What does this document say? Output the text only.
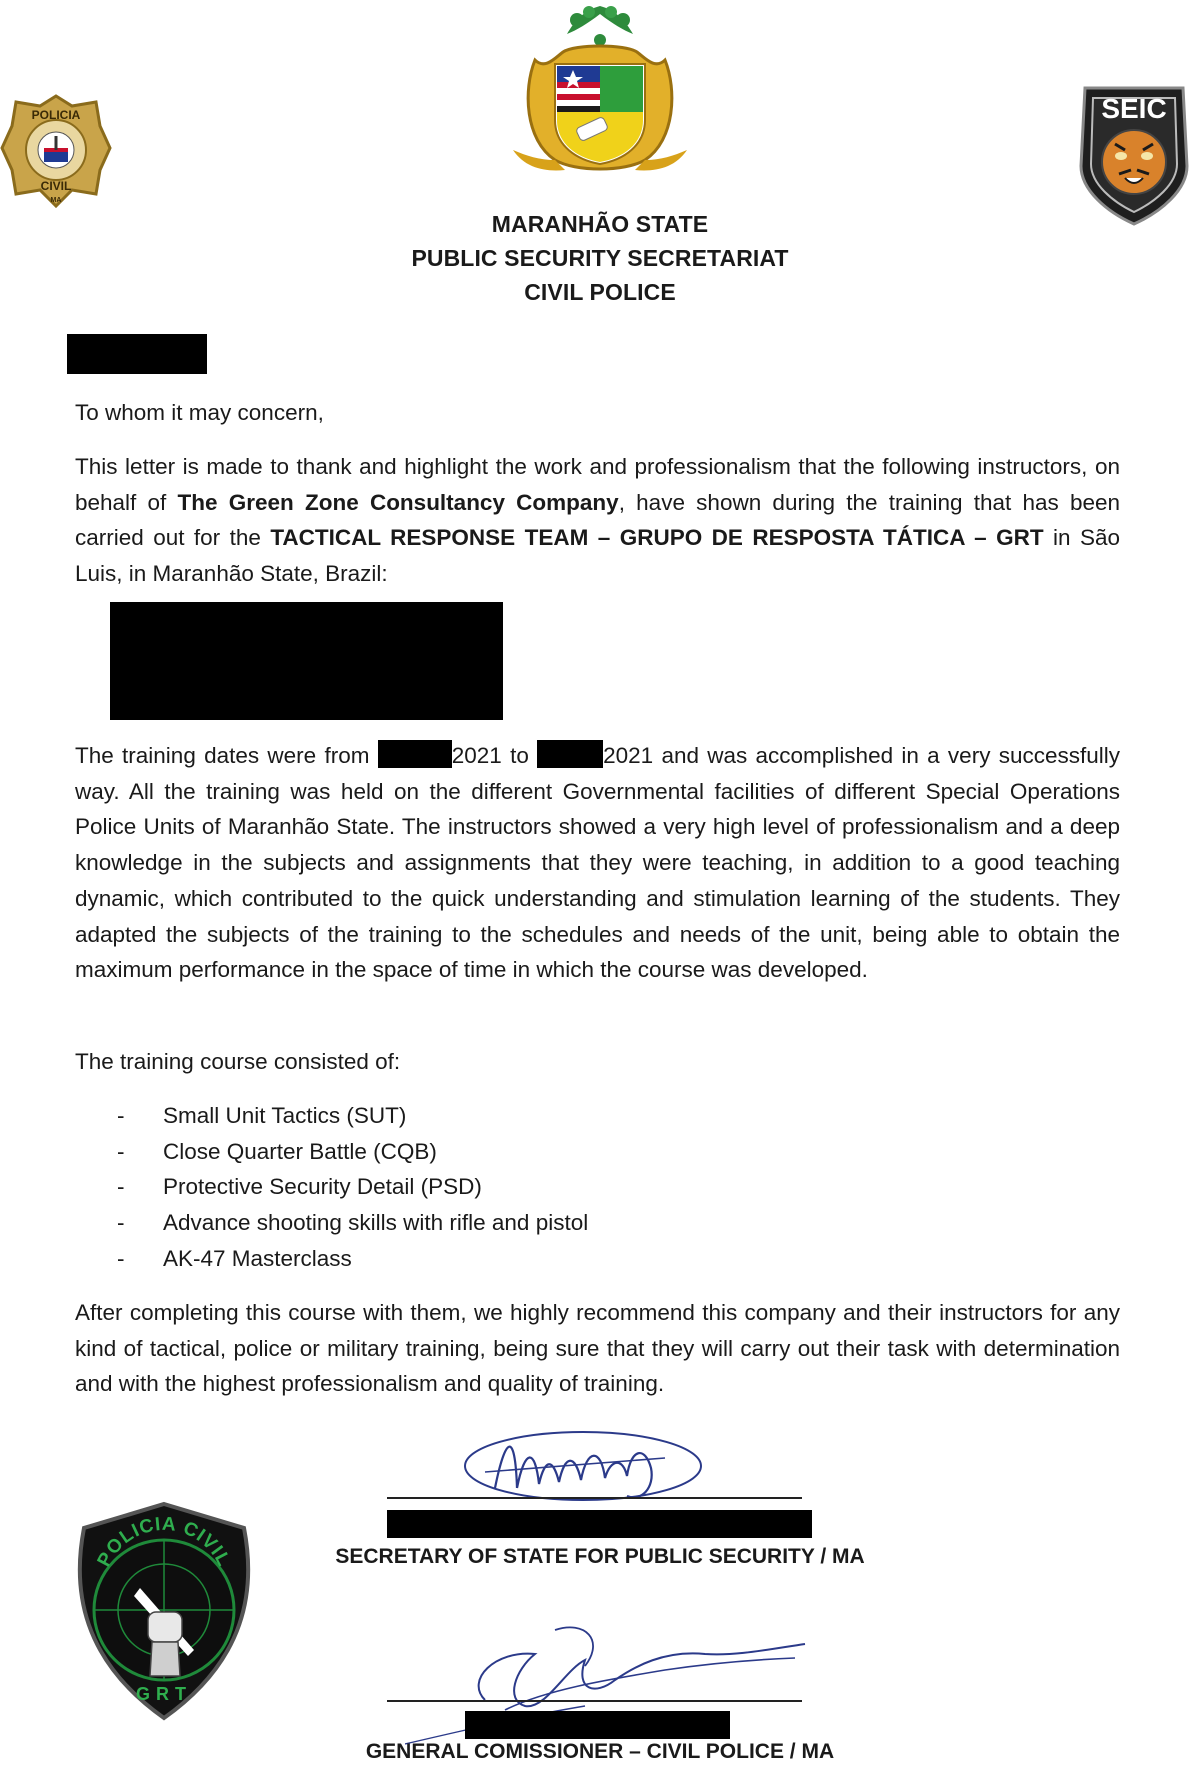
POLICIA
CIVIL
MA
SEIC
MARANHÃO STATE
PUBLIC SECURITY SECRETARIAT
CIVIL POLICE
To whom it may concern,
This letter is made to thank and highlight the work and professionalism that the following instructors, on behalf of The Green Zone Consultancy Company, have shown during the training that has been carried out for the TACTICAL RESPONSE TEAM – GRUPO DE RESPOSTA TÁTICA – GRT in São Luis, in Maranhão State, Brazil:
The training dates were from	2021 to	2021 and was accomplished in a very successfully way. All the training was held on the different Governmental facilities of different Special Operations Police Units of Maranhão State. The instructors showed a very high level of professionalism and a deep knowledge in the subjects and assignments that they were teaching, in addition to a good teaching dynamic, which contributed to the quick understanding and stimulation learning of the students. They adapted the subjects of the training to the schedules and needs of the unit, being able to obtain the maximum performance in the space of time in which the course was developed.
The training course consisted of:
- Small Unit Tactics (SUT)
- Close Quarter Battle (CQB)
- Protective Security Detail (PSD)
- Advance shooting skills with rifle and pistol
- AK-47 Masterclass
After completing this course with them, we highly recommend this company and their instructors for any kind of tactical, police or military training, being sure that they will carry out their task with determination and with the highest professionalism and quality of training.
SECRETARY OF STATE FOR PUBLIC SECURITY / MA
GENERAL COMISSIONER – CIVIL POLICE / MA
POLICIA CIVIL
GRT
